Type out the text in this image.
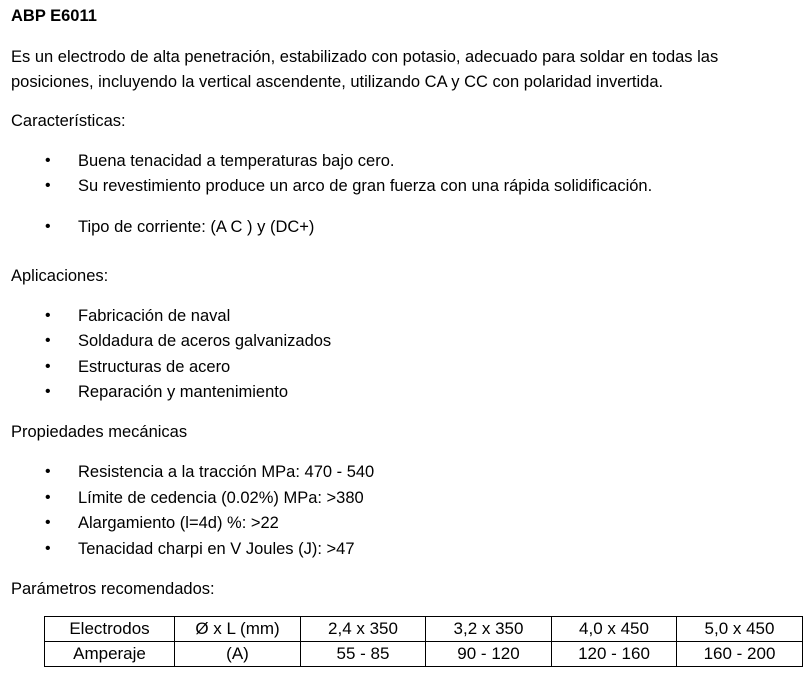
ABP E6011
Es un electrodo de alta penetración, estabilizado con potasio, adecuado para soldar en todas las posiciones, incluyendo la vertical ascendente, utilizando CA y CC con polaridad invertida.
Características:
• Buena tenacidad a temperaturas bajo cero.
• Su revestimiento produce un arco de gran fuerza con una rápida solidificación.
• Tipo de corriente: (A C ) y (DC+)
Aplicaciones:
• Fabricación de naval
• Soldadura de aceros galvanizados
• Estructuras de acero
• Reparación y mantenimiento
Propiedades mecánicas
• Resistencia a la tracción MPa: 470 - 540
• Límite de cedencia (0.02%) MPa: >380
• Alargamiento (l=4d) %: >22
• Tenacidad charpi en V Joules (J): >47
Parámetros recomendados:
Electrodos	Ø x L (mm)	2,4 x 350	3,2 x 350	4,0 x 450	5,0 x 450
Amperaje	(A)	55 - 85	90 - 120	120 - 160	160 - 200
